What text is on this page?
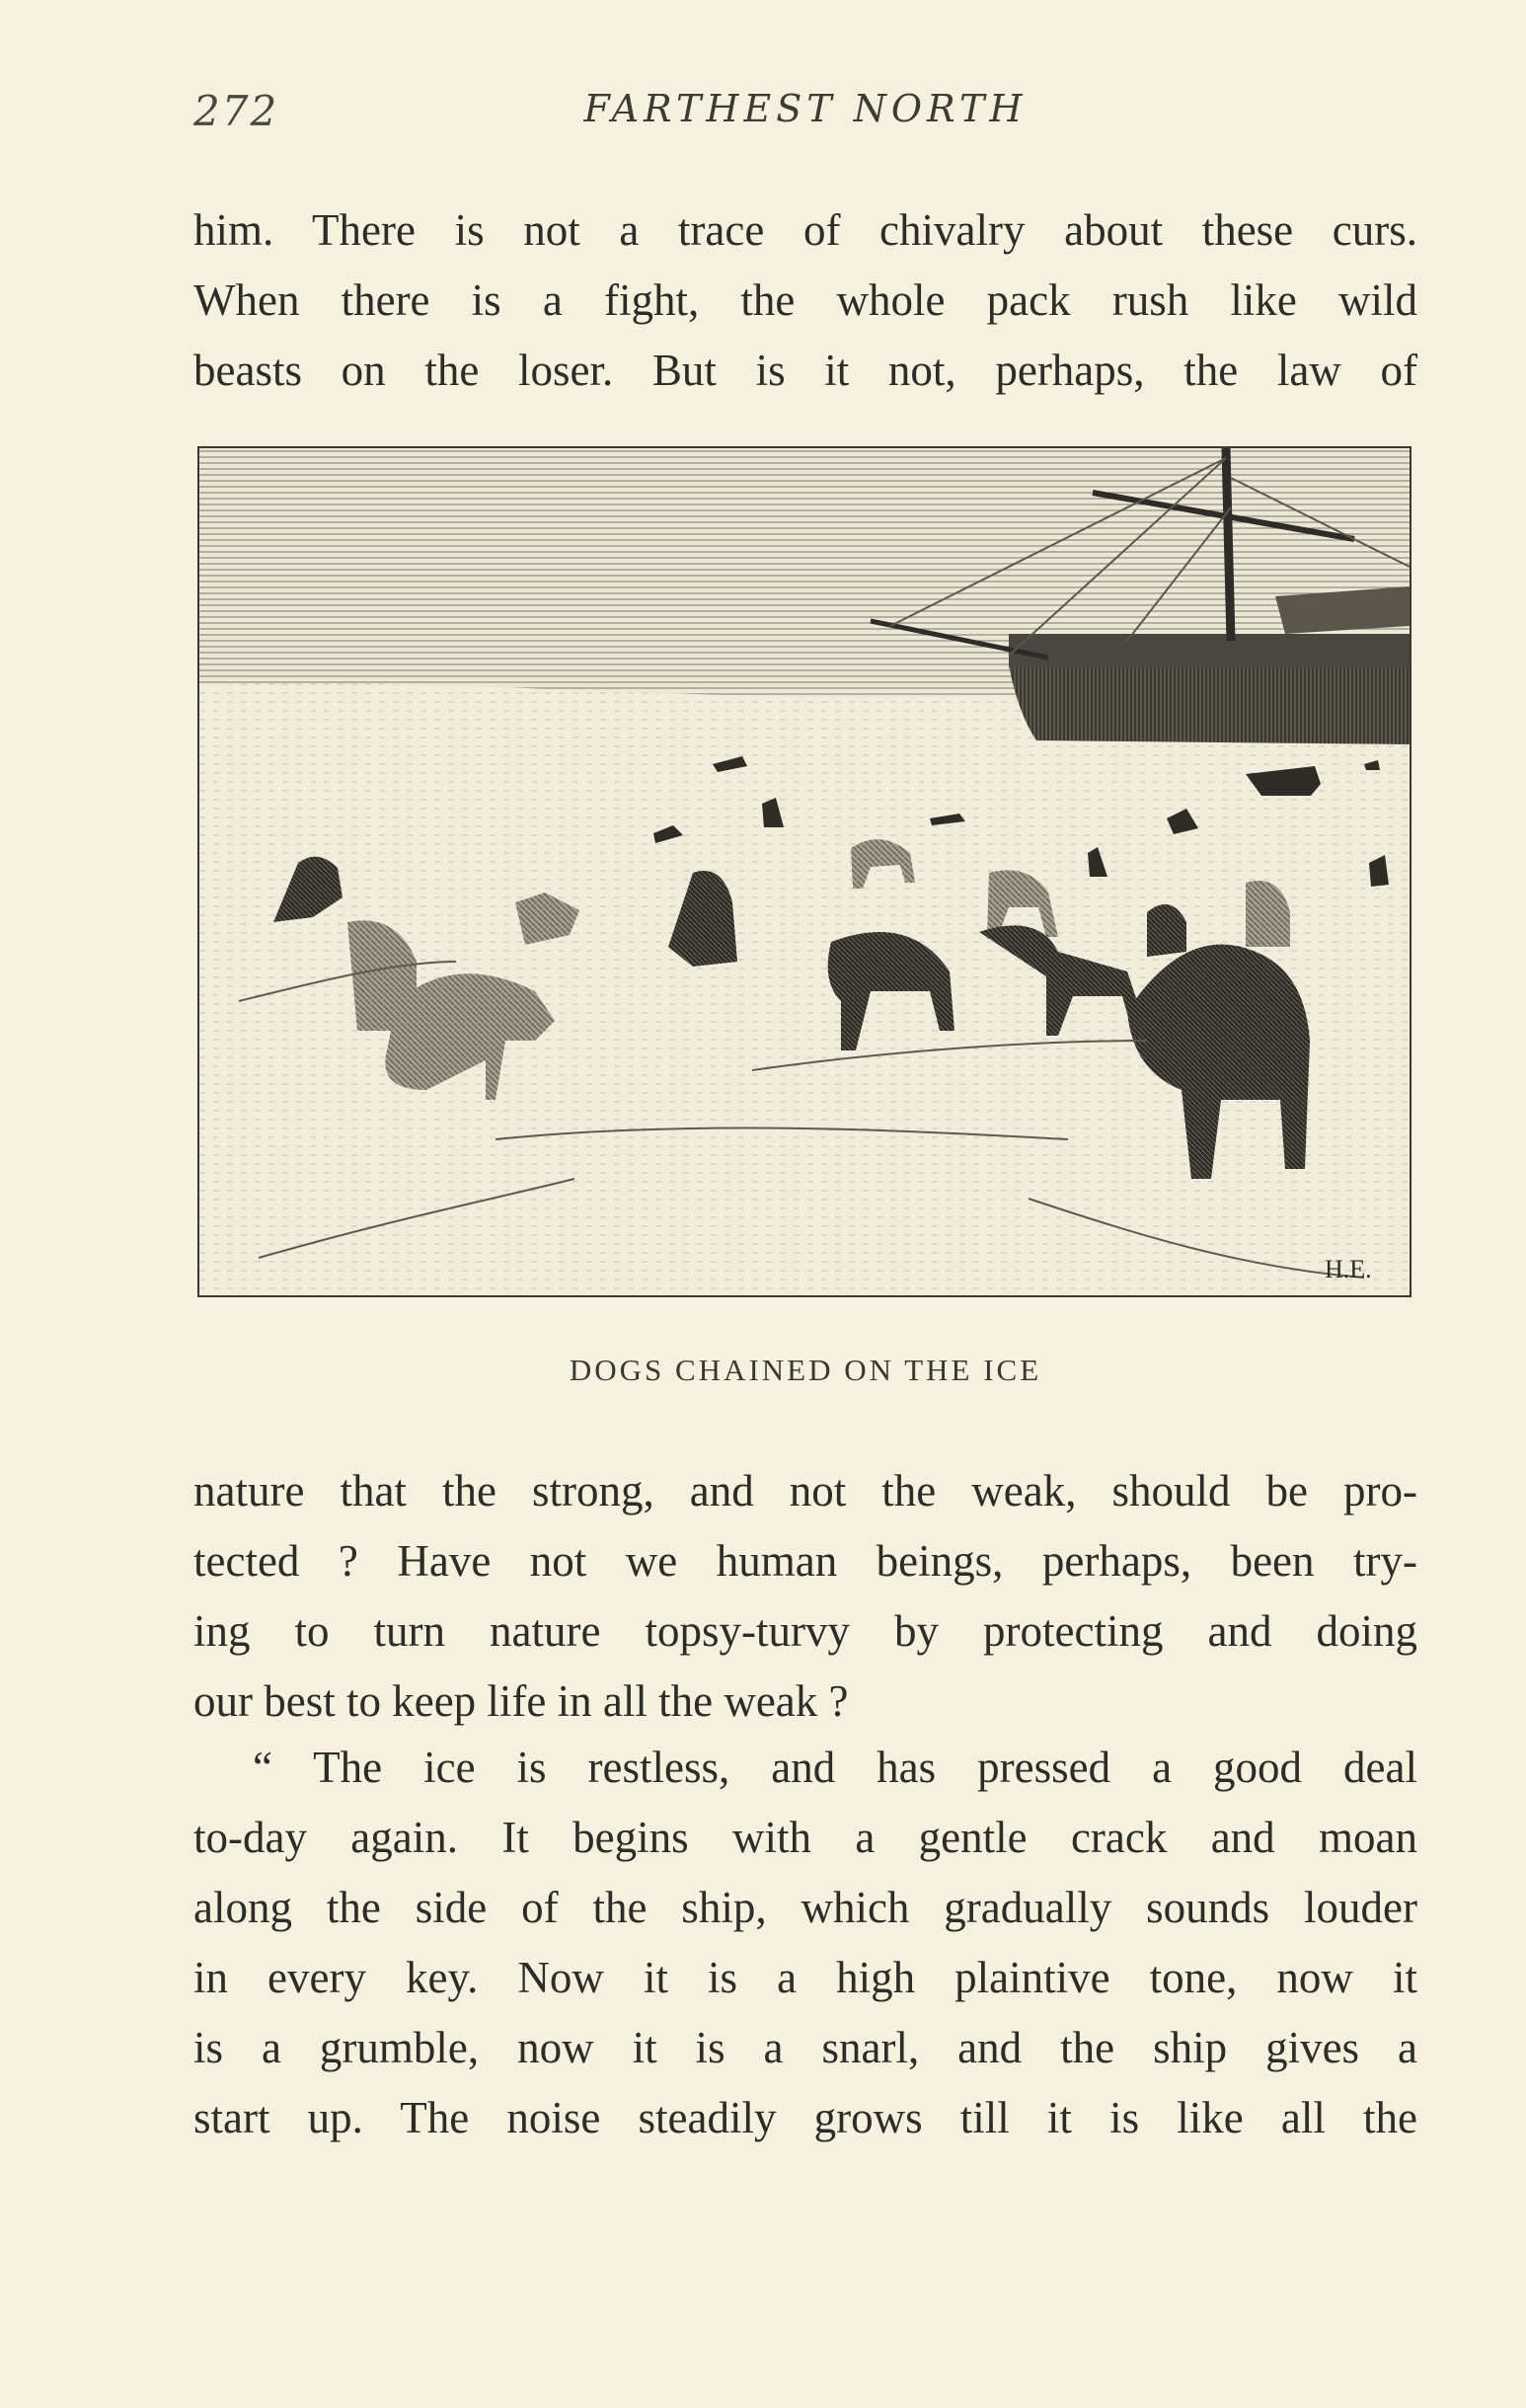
272	FARTHEST NORTH

him. There is not a trace of chivalry about these curs.
When there is a fight, the whole pack rush like wild
beasts on the loser. But is it not, perhaps, the law of

H.E.
DOGS CHAINED ON THE ICE

nature that the strong, and not the weak, should be pro-
tected ? Have not we human beings, perhaps, been try-
ing to turn nature topsy-turvy by protecting and doing
our best to keep life in all the weak ?

“ The ice is restless, and has pressed a good deal
to-day again. It begins with a gentle crack and moan
along the side of the ship, which gradually sounds louder
in every key. Now it is a high plaintive tone, now it
is a grumble, now it is a snarl, and the ship gives a
start up. The noise steadily grows till it is like all the
